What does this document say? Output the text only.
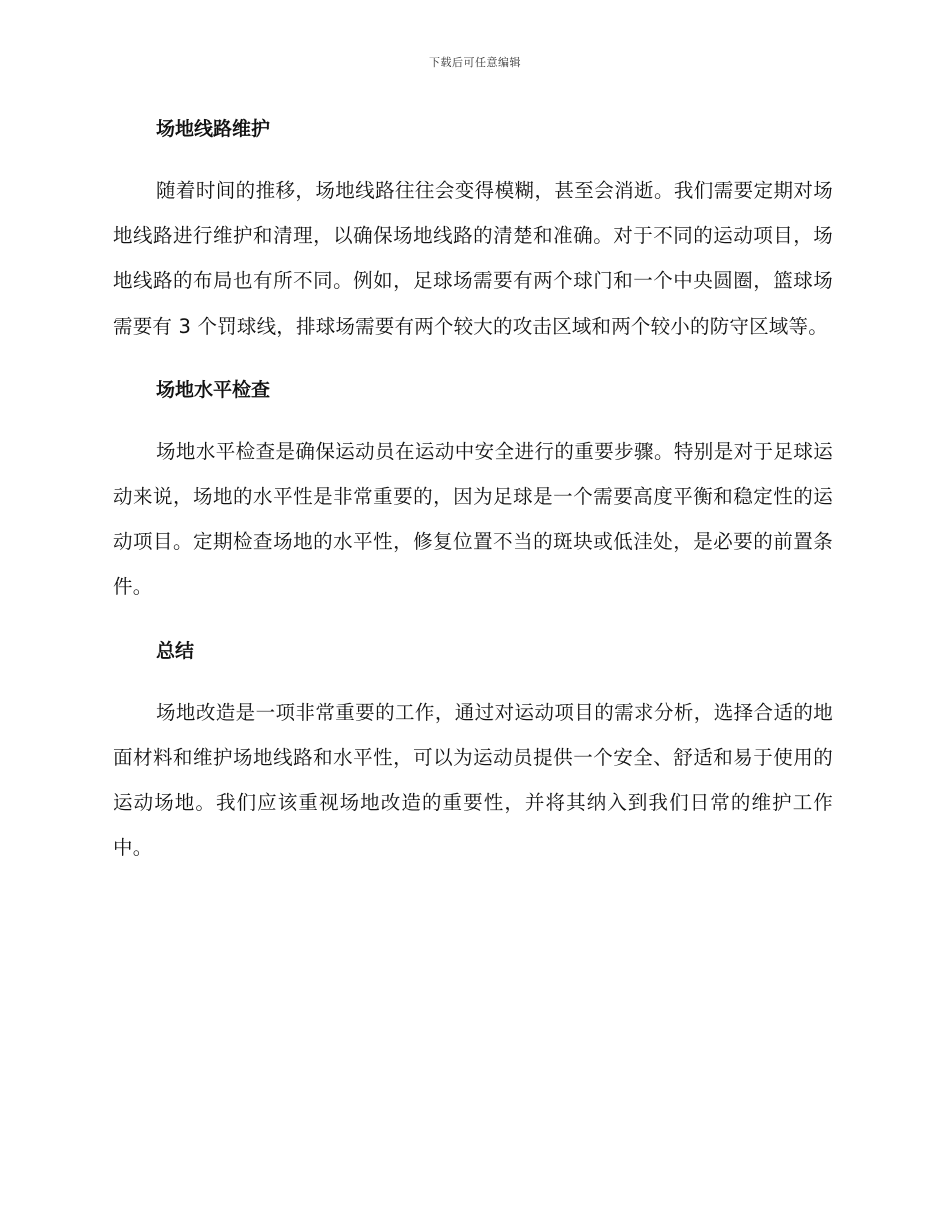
下载后可任意编辑
场地线路维护

随着时间的推移，场地线路往往会变得模糊，甚至会消逝。我们需要定期对场地线路进行维护和清理，以确保场地线路的清楚和准确。对于不同的运动项目，场地线路的布局也有所不同。例如，足球场需要有两个球门和一个中央圆圈，篮球场需要有 3 个罚球线，排球场需要有两个较大的攻击区域和两个较小的防守区域等。

场地水平检查

场地水平检查是确保运动员在运动中安全进行的重要步骤。特别是对于足球运动来说，场地的水平性是非常重要的，因为足球是一个需要高度平衡和稳定性的运动项目。定期检查场地的水平性，修复位置不当的斑块或低洼处，是必要的前置条件。

总结

场地改造是一项非常重要的工作，通过对运动项目的需求分析，选择合适的地面材料和维护场地线路和水平性，可以为运动员提供一个安全、舒适和易于使用的运动场地。我们应该重视场地改造的重要性，并将其纳入到我们日常的维护工作中。
